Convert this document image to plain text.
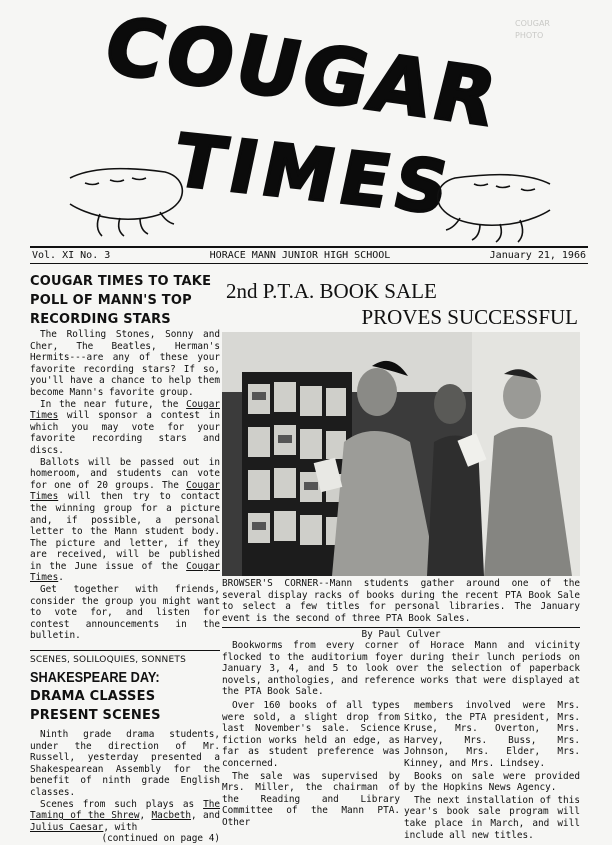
COUGAR
PHOTO
COUGAR
TIMES
Vol. XI No. 3	HORACE MANN JUNIOR HIGH SCHOOL	January 21, 1966
COUGAR TIMES TO TAKE POLL OF MANN'S TOP RECORDING STARS

The Rolling Stones, Sonny and Cher, The Beatles, Herman's Hermits---are any of these your favorite recording stars? If so, you'll have a chance to help them become Mann's favorite group.

In the near future, the Cougar Times will sponsor a contest in which you may vote for your favorite recording stars and discs.

Ballots will be passed out in homeroom, and students can vote for one of 20 groups. The Cougar Times will then try to contact the winning group for a picture and, if possible, a personal letter to the Mann student body. The picture and letter, if they are received, will be published in the June issue of the Cougar Times.

Get together with friends, consider the group you might want to vote for, and listen for contest announcements in the bulletin.

SCENES, SOLILOQUIES, SONNETS
SHAKESPEARE DAY:
DRAMA CLASSES
PRESENT SCENES

Ninth grade drama students, under the direction of Mr. Russell, yesterday presented a Shakespearean Assembly for the benefit of ninth grade English classes.

Scenes from such plays as The Taming of the Shrew, Macbeth, and Julius Caesar, with

(continued on page 4)
2nd P.T.A. BOOK SALE
PROVES SUCCESSFUL

BROWSER'S CORNER--Mann students gather around one of the several display racks of books during the recent PTA Book Sale to select a few titles for personal libraries. The January event is the second of three PTA Book Sales.

By Paul Culver

Bookworms from every corner of Horace Mann and vicinity flocked to the auditorium foyer during their lunch periods on January 3, 4, and 5 to look over the selection of paperback novels, anthologies, and reference works that were displayed at the PTA Book Sale.

Over 160 books of all types were sold, a slight drop from last November's sale. Science fiction works held an edge, as far as student preference was concerned.

The sale was supervised by Mrs. Miller, the chairman of the Reading and Library Committee of the Mann PTA. Other

members involved were Mrs. Sitko, the PTA president, Mrs. Kruse, Mrs. Overton, Mrs. Harvey, Mrs. Buss, Mrs. Johnson, Mrs. Elder, Mrs. Kinney, and Mrs. Lindsey.

Books on sale were provided by the Hopkins News Agency.

The next installation of this year's book sale program will take place in March, and will include all new titles.
